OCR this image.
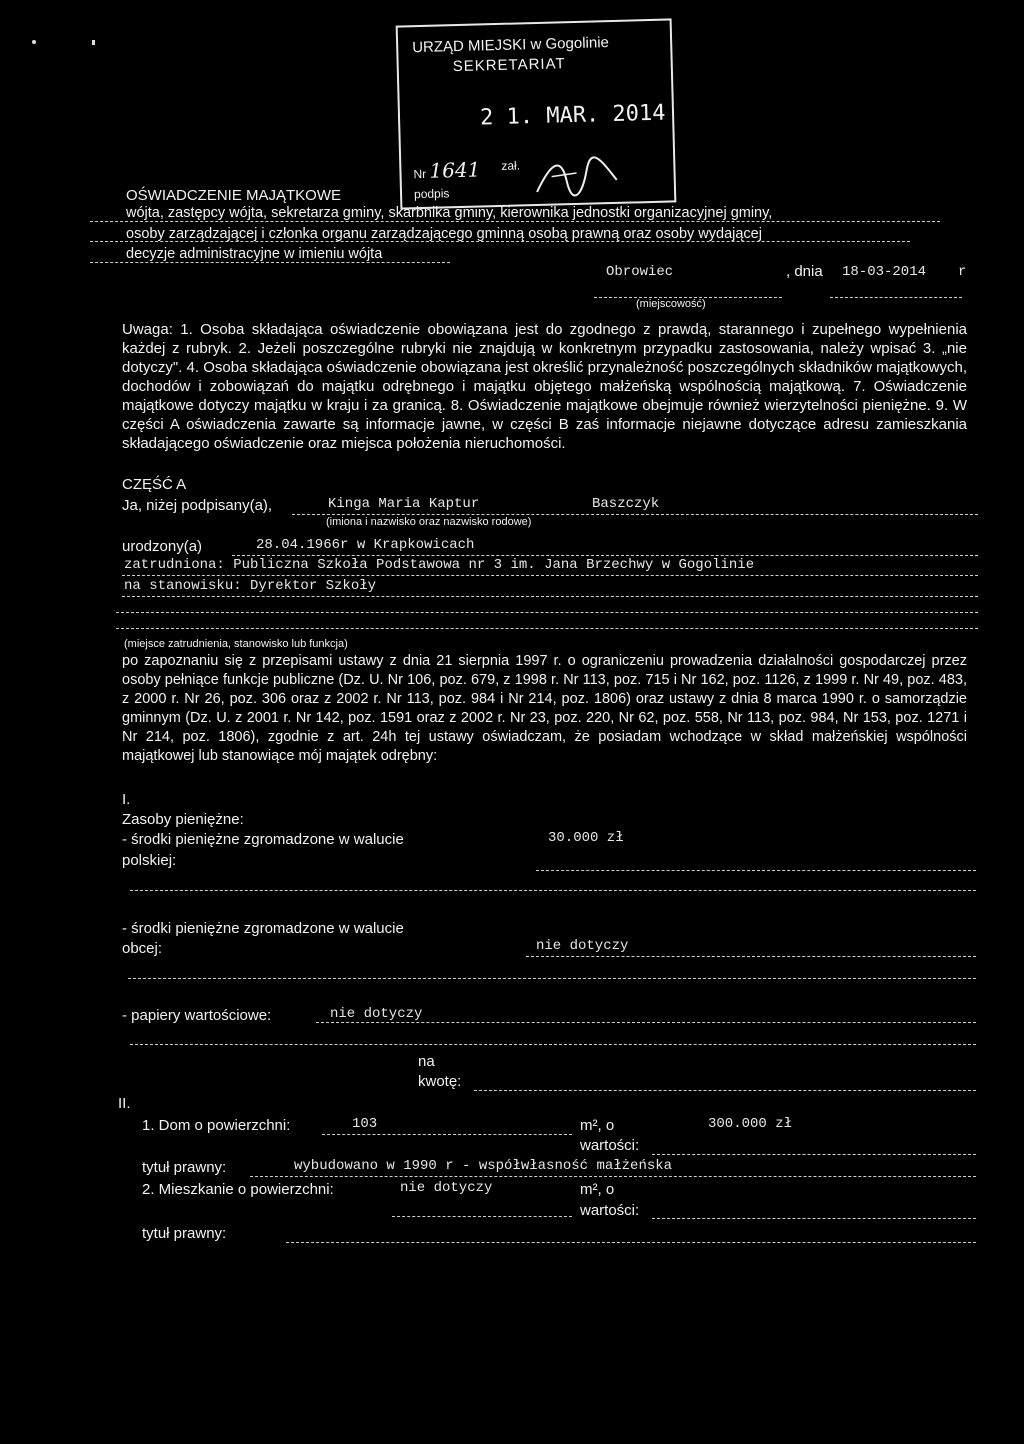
URZĄD MIEJSKI w Gogolinie
SEKRETARIAT
2 1. MAR. 2014
Nr 1641 zał.
podpis
OŚWIADCZENIE MAJĄTKOWE
wójta, zastępcy wójta, sekretarza gminy, skarbnika gminy, kierownika jednostki organizacyjnej gminy,
osoby zarządzającej i członka organu zarządzającego gminną osobą prawną oraz osoby wydającej
decyzje administracyjne w imieniu wójta
Obrowiec	, dnia 18-03-2014 r
(miejscowość)
Uwaga: 1. Osoba składająca oświadczenie obowiązana jest do zgodnego z prawdą, starannego i zupełnego wypełnienia każdej z rubryk. 2. Jeżeli poszczególne rubryki nie znajdują w konkretnym przypadku zastosowania, należy wpisać 3. „nie dotyczy". 4. Osoba składająca oświadczenie obowiązana jest określić przynależność poszczególnych składników majątkowych, dochodów i zobowiązań do majątku odrębnego i majątku objętego małżeńską wspólnością majątkową. 7. Oświadczenie majątkowe dotyczy majątku w kraju i za granicą. 8. Oświadczenie majątkowe obejmuje również wierzytelności pieniężne. 9. W części A oświadczenia zawarte są informacje jawne, w części B zaś informacje niejawne dotyczące adresu zamieszkania składającego oświadczenie oraz miejsca położenia nieruchomości.
CZĘŚĆ A
Ja, niżej podpisany(a),	Kinga Maria Kaptur	Baszczyk
(imiona i nazwisko oraz nazwisko rodowe)
urodzony(a)	28.04.1966r w Krapkowicach
zatrudniona: Publiczna Szkoła Podstawowa nr 3 im. Jana Brzechwy w Gogolinie
na stanowisku: Dyrektor Szkoły
(miejsce zatrudnienia, stanowisko lub funkcja)
po zapoznaniu się z przepisami ustawy z dnia 21 sierpnia 1997 r. o ograniczeniu prowadzenia działalności gospodarczej przez osoby pełniące funkcje publiczne (Dz. U. Nr 106, poz. 679, z 1998 r. Nr 113, poz. 715 i Nr 162, poz. 1126, z 1999 r. Nr 49, poz. 483, z 2000 r. Nr 26, poz. 306 oraz z 2002 r. Nr 113, poz. 984 i Nr 214, poz. 1806) oraz ustawy z dnia 8 marca 1990 r. o samorządzie gminnym (Dz. U. z 2001 r. Nr 142, poz. 1591 oraz z 2002 r. Nr 23, poz. 220, Nr 62, poz. 558, Nr 113, poz. 984, Nr 153, poz. 1271 i Nr 214, poz. 1806), zgodnie z art. 24h tej ustawy oświadczam, że posiadam wchodzące w skład małżeńskiej wspólności majątkowej lub stanowiące mój majątek odrębny:
I.
Zasoby pieniężne:
- środki pieniężne zgromadzone w walucie
polskiej:
30.000 zł
- środki pieniężne zgromadzone w walucie
obcej:	nie dotyczy
- papiery wartościowe:	nie dotyczy
na
kwotę:
II.
1. Dom o powierzchni:	103	m², o
wartości:
300.000 zł
tytuł prawny:	wybudowano w 1990 r - współwłasność małżeńska
2. Mieszkanie o powierzchni:	nie dotyczy	m², o
wartości:
tytuł prawny:
